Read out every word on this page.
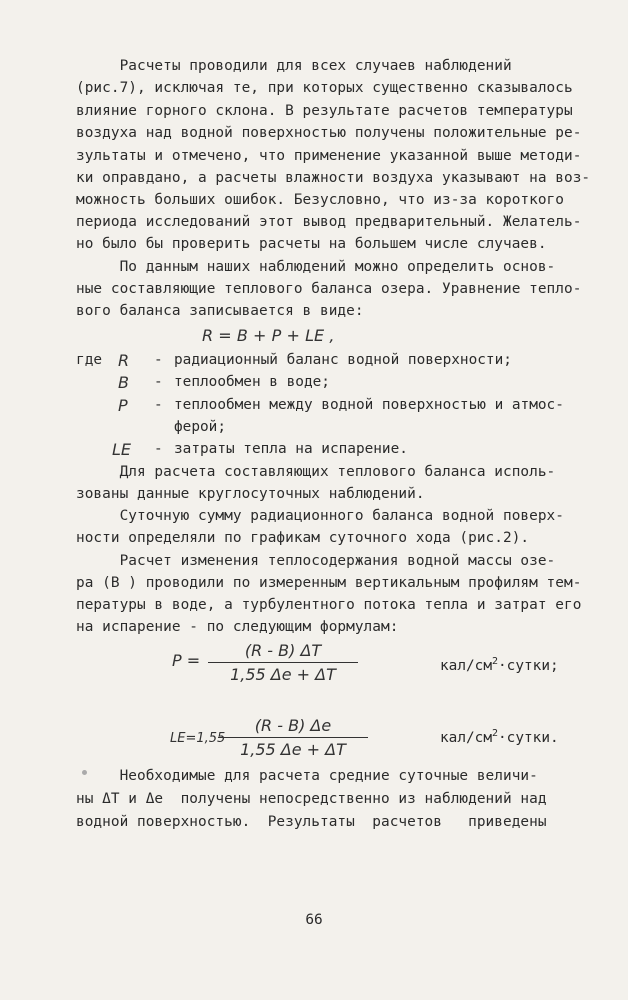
Расчеты проводили для всех случаев наблюдений
(рис.7), исключая те, при которых существенно сказывалось
влияние горного склона. В результате расчетов температуры
воздуха над водной поверхностью получены положительные ре-
зультаты и отмечено, что применение указанной выше методи-
ки оправдано, а расчеты влажности воздуха указывают на воз-
можность больших ошибок. Безусловно, что из-за короткого
периода исследований этот вывод предварительный. Желатель-
но было бы проверить расчеты на большем числе случаев.
По данным наших наблюдений можно определить основ-
ные составляющие теплового баланса озера. Уравнение тепло-
вого баланса записывается в виде:
R = B + P + LE ,
где R - радиационный баланс водной поверхности;
B - теплообмен в воде;
P - теплообмен между водной поверхностью и атмос-
ферой;
LE - затраты тепла на испарение.
Для расчета составляющих теплового баланса исполь-
зованы данные круглосуточных наблюдений.
Суточную сумму радиационного баланса водной поверх-
ности определяли по графикам суточного хода (рис.2).
Расчет изменения теплосодержания водной массы озе-
ра (B ) проводили по измеренным вертикальным профилям тем-
пературы в воде, а турбулентного потока тепла и затрат его
на испарение - по следующим формулам:
P =
(R - B) ΔT
1,55 Δe + ΔT	кал/$см^2\cdot сутки$;
LE=1,55
(R - B) Δe
1,55 Δe + ΔT
кал/$см^2\cdot сутки$.
Необходимые для расчета средние суточные величи-
ны ΔT и Δe  получены непосредственно из наблюдений над
водной поверхностью.  Результаты  расчетов   приведены
66
